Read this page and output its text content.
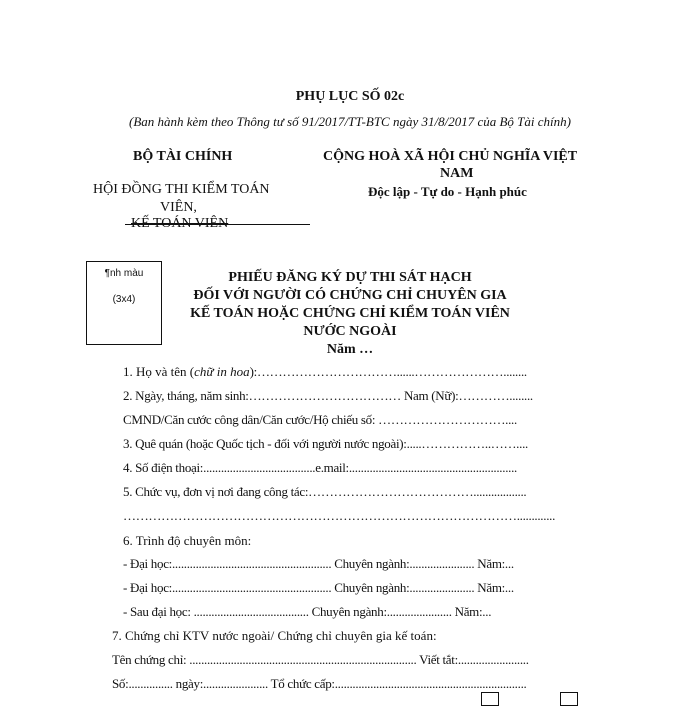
PHỤ LỤC SỐ 02c
(Ban hành kèm theo Thông tư số 91/2017/TT-BTC ngày 31/8/2017 của Bộ Tài chính)
BỘ TÀI CHÍNH
HỘI ĐỒNG THI KIỂM TOÁN
VIÊN,
KẾ TOÁN VIÊN
CỘNG HOÀ XÃ HỘI CHỦ NGHĨA VIỆT
NAM
Độc lập - Tự do - Hạnh phúc
¶nh màu
(3x4)
PHIẾU ĐĂNG KÝ DỰ THI SÁT HẠCH
ĐỐI VỚI NGƯỜI CÓ CHỨNG CHỈ CHUYÊN GIA
KẾ TOÁN HOẶC CHỨNG CHỈ KIỂM TOÁN VIÊN
NƯỚC NGOÀI
Năm …
1. Họ và tên (chữ in hoa):……………………………......…………………........
2. Ngày, tháng, năm sinh:……………………………… Nam (Nữ):…………........
CMND/Căn cước công dân/Căn cước/Hộ chiếu số: …………………………....
3. Quê quán (hoặc Quốc tịch - đối với người nước ngoài):.....……………..……....
4. Số điện thoại:......................................e.mail:.........................................................
5. Chức vụ, đơn vị nơi đang công tác:…………………………………..................
………………………………………………………………………………….............
6. Trình độ chuyên môn:
- Đại học:...................................................... Chuyên ngành:...................... Năm:...
- Đại học:...................................................... Chuyên ngành:...................... Năm:...
- Sau đại học: ....................................... Chuyên ngành:...................... Năm:...
7. Chứng chỉ KTV nước ngoài/ Chứng chỉ chuyên gia kế toán:
Tên chứng chỉ: ............................................................................. Viết tắt:........................
Số:............... ngày:...................... Tổ chức cấp:.................................................................
